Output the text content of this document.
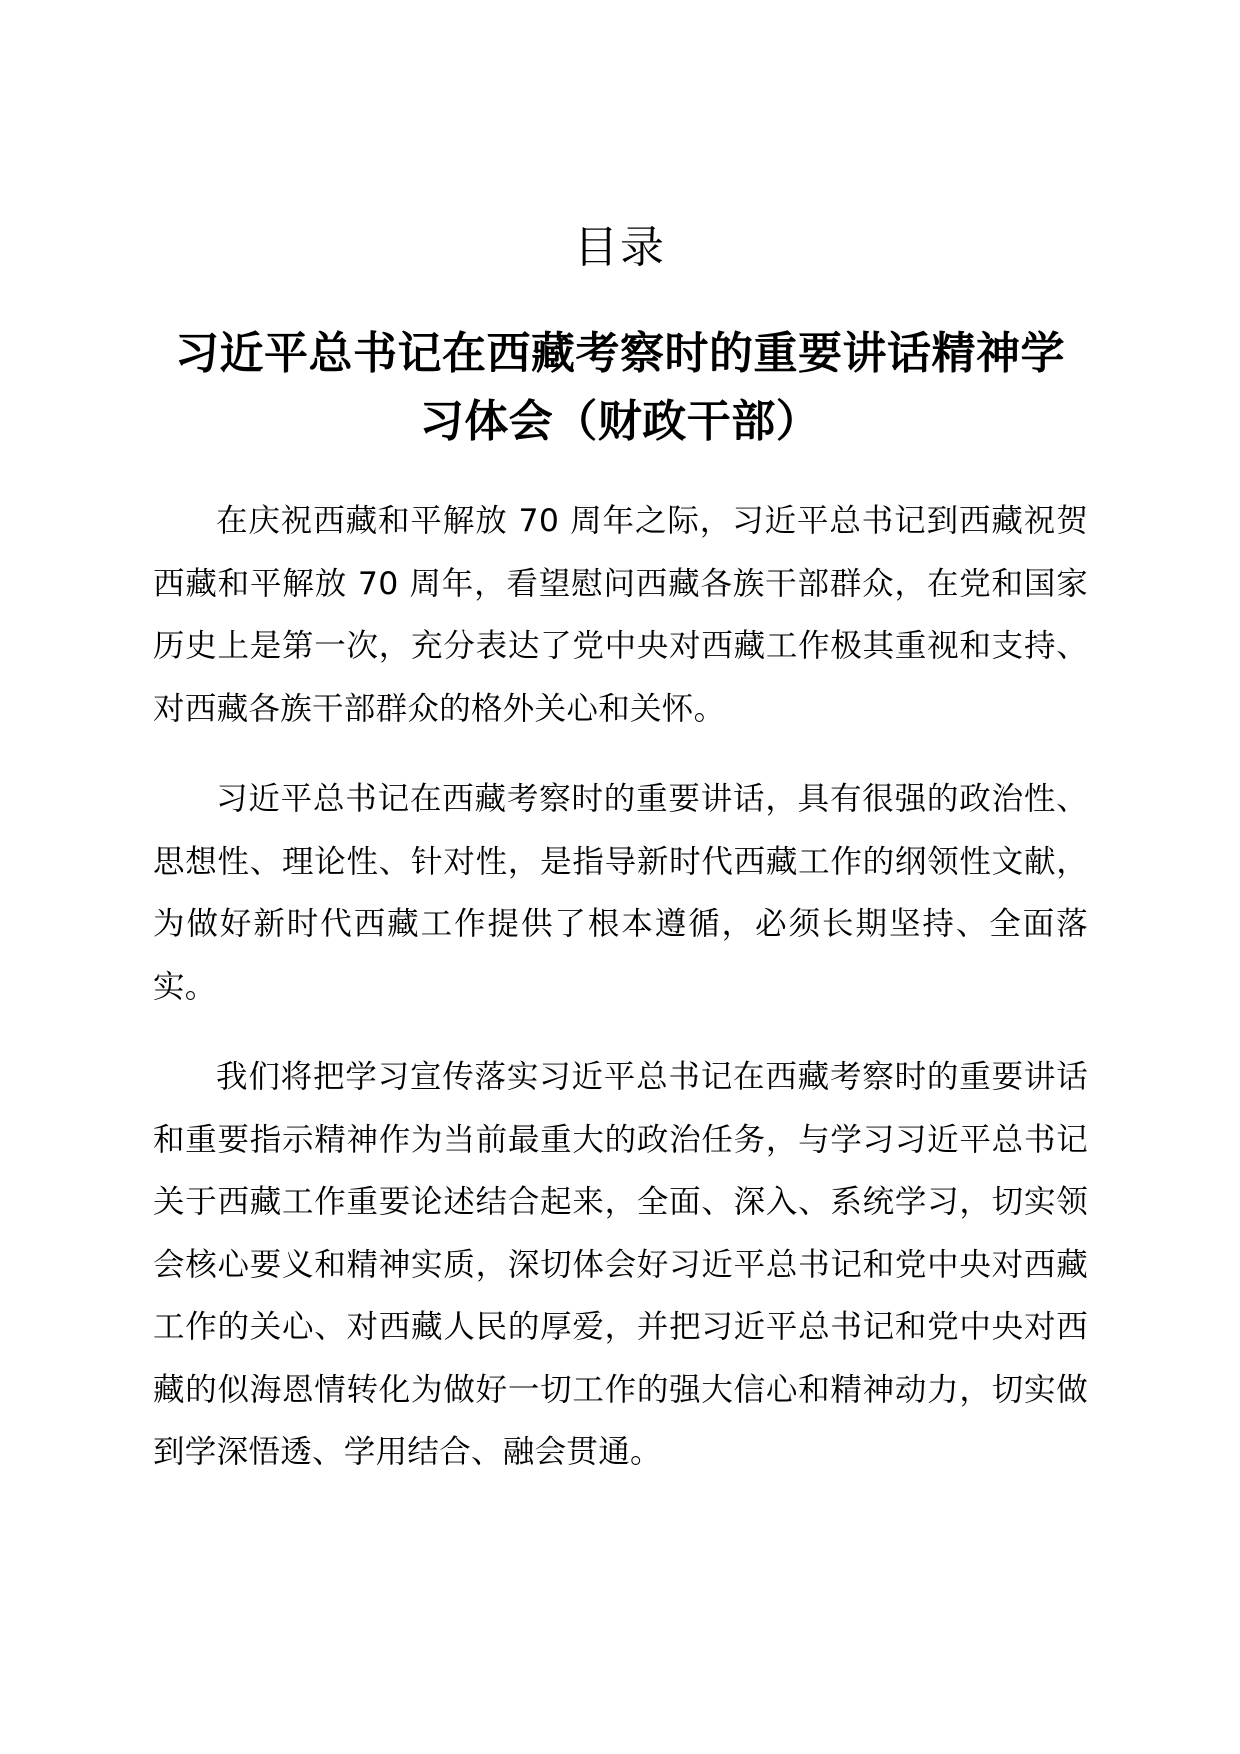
目录
习近平总书记在西藏考察时的重要讲话精神学
习体会（财政干部）

在庆祝西藏和平解放 70 周年之际，习近平总书记到西藏祝贺西藏和平解放 70 周年，看望慰问西藏各族干部群众，在党和国家历史上是第一次，充分表达了党中央对西藏工作极其重视和支持、对西藏各族干部群众的格外关心和关怀。

习近平总书记在西藏考察时的重要讲话，具有很强的政治性、思想性、理论性、针对性，是指导新时代西藏工作的纲领性文献，为做好新时代西藏工作提供了根本遵循，必须长期坚持、全面落实。

我们将把学习宣传落实习近平总书记在西藏考察时的重要讲话和重要指示精神作为当前最重大的政治任务，与学习习近平总书记关于西藏工作重要论述结合起来，全面、深入、系统学习，切实领会核心要义和精神实质，深切体会好习近平总书记和党中央对西藏工作的关心、对西藏人民的厚爱，并把习近平总书记和党中央对西藏的似海恩情转化为做好一切工作的强大信心和精神动力，切实做到学深悟透、学用结合、融会贯通。
